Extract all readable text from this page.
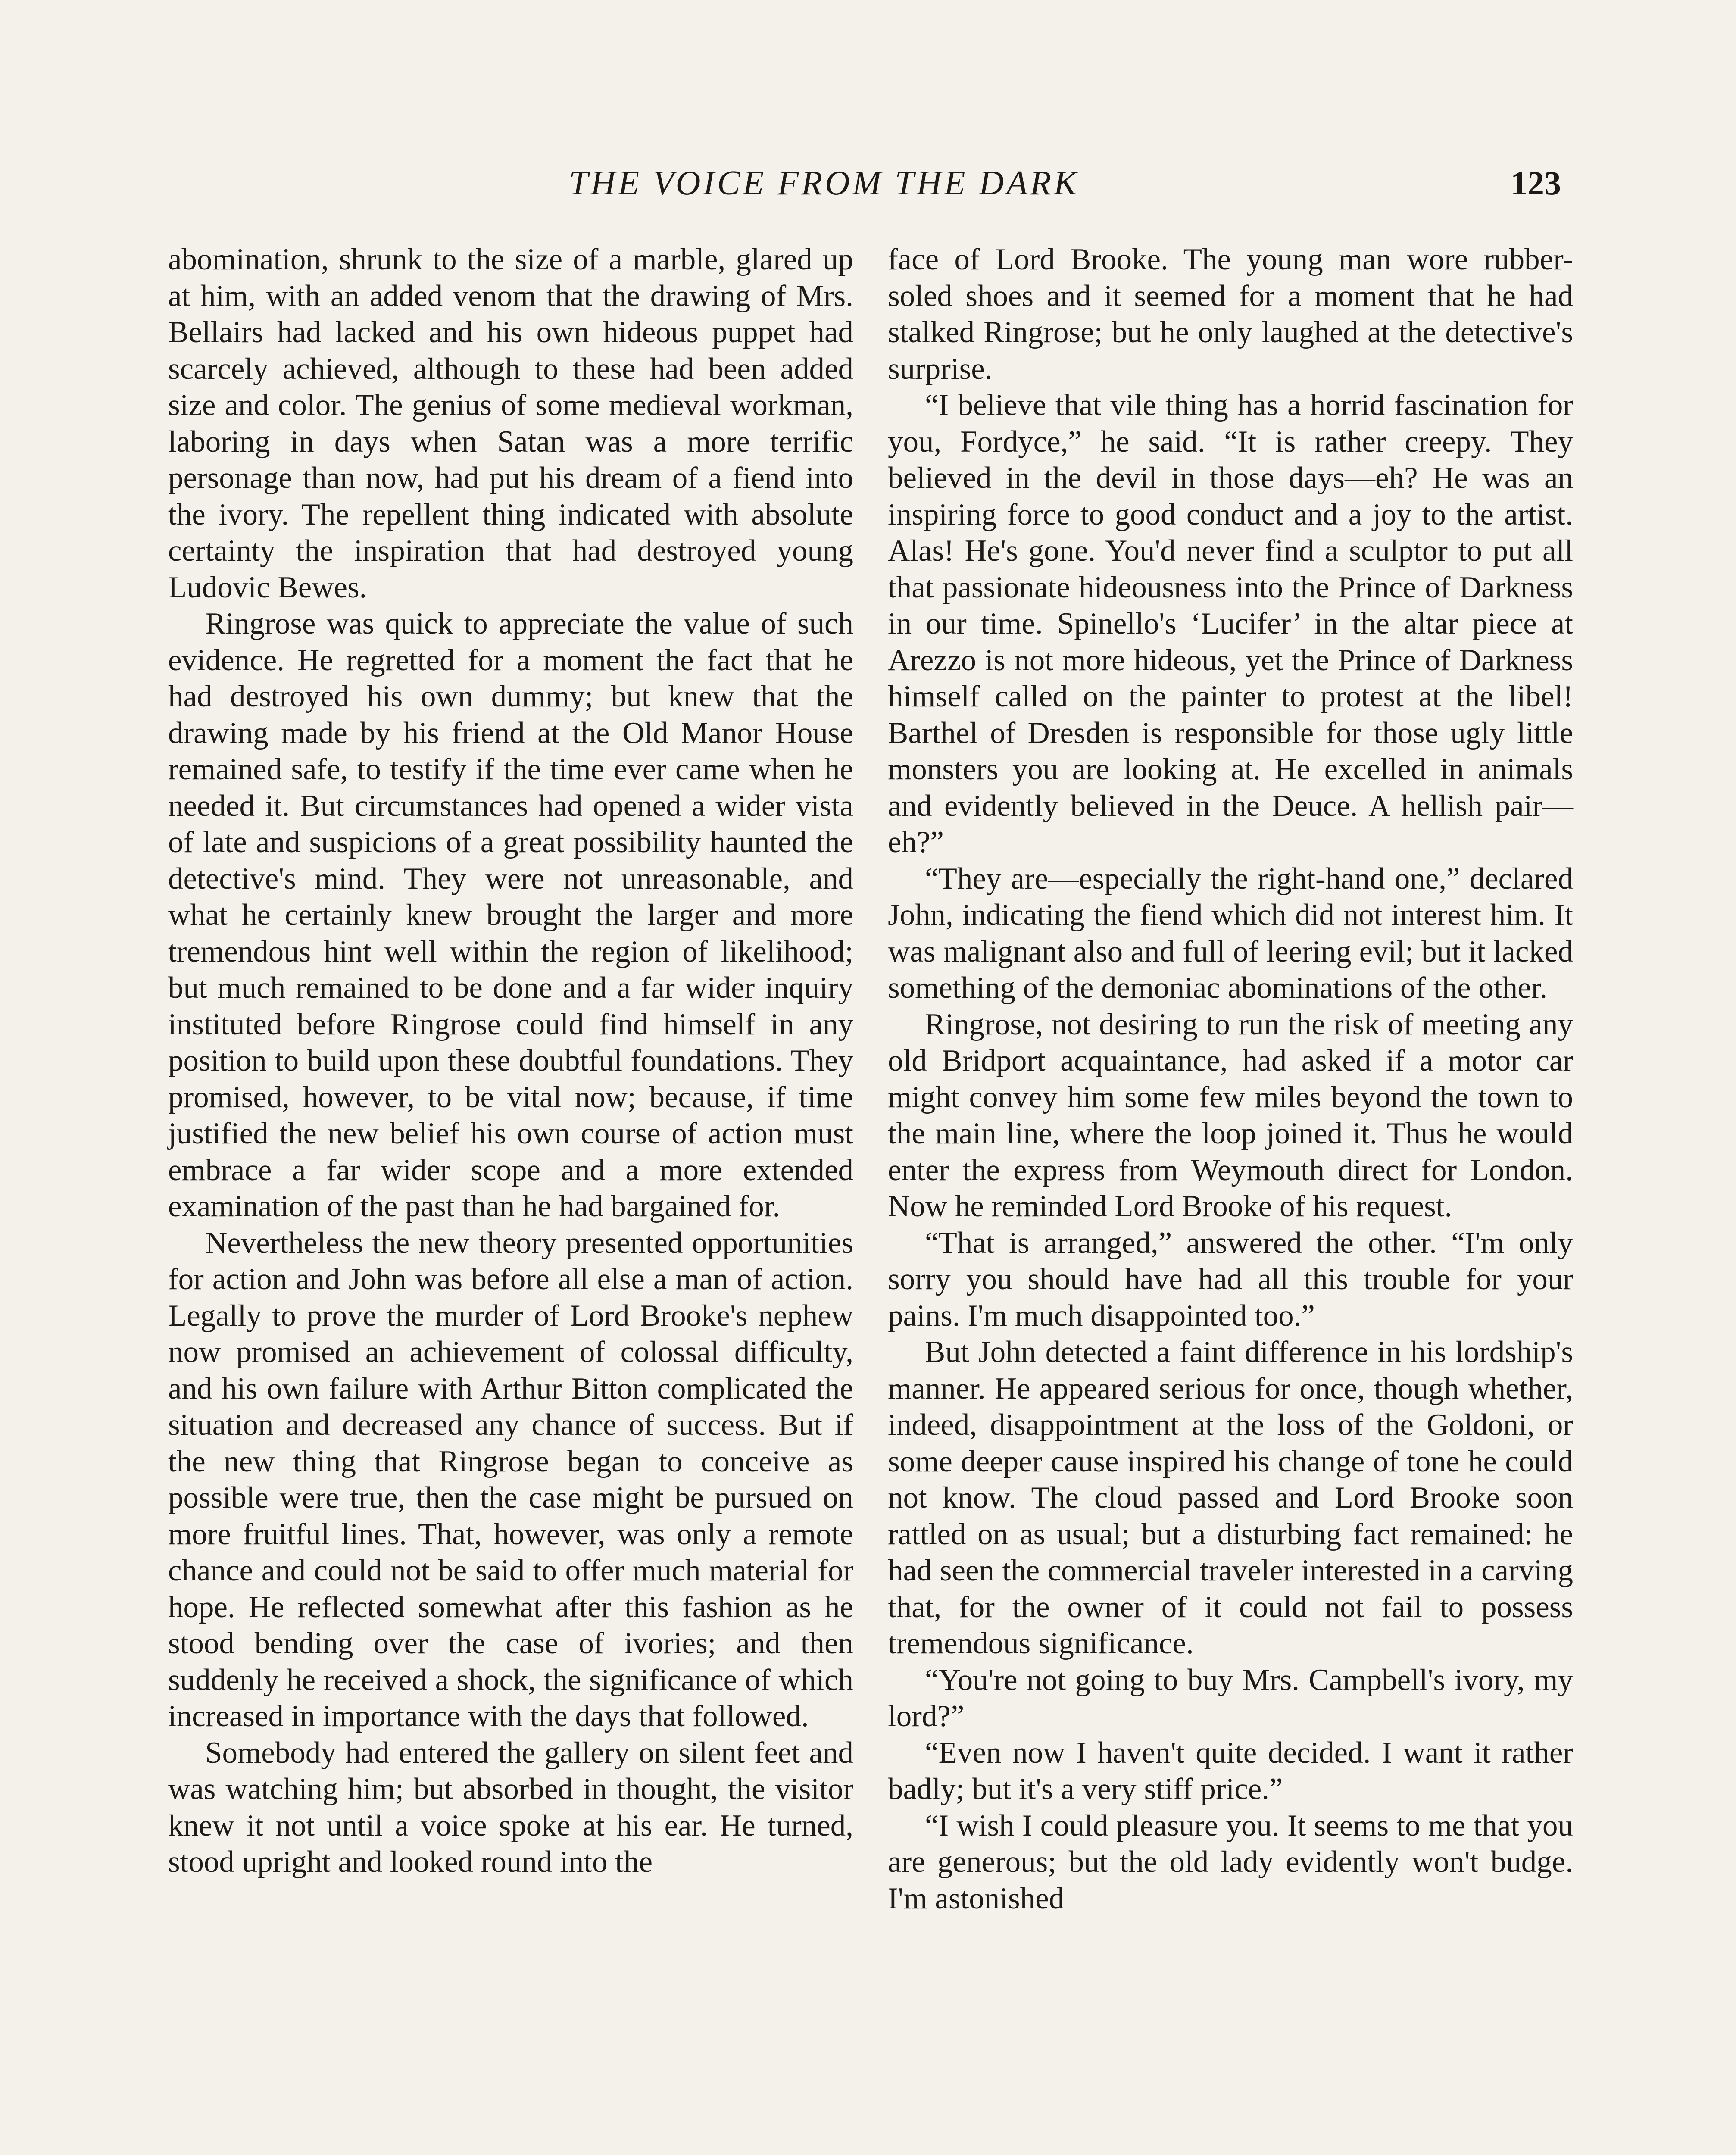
THE VOICE FROM THE DARK	123

abomination, shrunk to the size of a marble, glared up at him, with an added venom that the drawing of Mrs. Bellairs had lacked and his own hideous puppet had scarcely achieved, although to these had been added size and color. The genius of some medieval workman, laboring in days when Satan was a more terrific personage than now, had put his dream of a fiend into the ivory. The repellent thing indicated with absolute certainty the inspiration that had destroyed young Ludovic Bewes.

Ringrose was quick to appreciate the value of such evidence. He regretted for a moment the fact that he had destroyed his own dummy; but knew that the drawing made by his friend at the Old Manor House remained safe, to testify if the time ever came when he needed it. But circumstances had opened a wider vista of late and suspicions of a great possibility haunted the detective's mind. They were not unreasonable, and what he certainly knew brought the larger and more tremendous hint well within the region of likelihood; but much remained to be done and a far wider inquiry instituted before Ringrose could find himself in any position to build upon these doubtful foundations. They promised, however, to be vital now; because, if time justified the new belief his own course of action must embrace a far wider scope and a more extended examination of the past than he had bargained for.

Nevertheless the new theory presented opportunities for action and John was before all else a man of action. Legally to prove the murder of Lord Brooke's nephew now promised an achievement of colossal difficulty, and his own failure with Arthur Bitton complicated the situation and decreased any chance of success. But if the new thing that Ringrose began to conceive as possible were true, then the case might be pursued on more fruitful lines. That, however, was only a remote chance and could not be said to offer much material for hope. He reflected somewhat after this fashion as he stood bending over the case of ivories; and then suddenly he received a shock, the significance of which increased in importance with the days that followed.

Somebody had entered the gallery on silent feet and was watching him; but absorbed in thought, the visitor knew it not until a voice spoke at his ear. He turned, stood upright and looked round into the

face of Lord Brooke. The young man wore rubber-soled shoes and it seemed for a moment that he had stalked Ringrose; but he only laughed at the detective's surprise.

“I believe that vile thing has a horrid fascination for you, Fordyce,” he said. “It is rather creepy. They believed in the devil in those days—eh? He was an inspiring force to good conduct and a joy to the artist. Alas! He's gone. You'd never find a sculptor to put all that passionate hideousness into the Prince of Darkness in our time. Spinello's ‘Lucifer’ in the altar piece at Arezzo is not more hideous, yet the Prince of Darkness himself called on the painter to protest at the libel! Barthel of Dresden is responsible for those ugly little monsters you are looking at. He excelled in animals and evidently believed in the Deuce. A hellish pair—eh?”

“They are—especially the right-hand one,” declared John, indicating the fiend which did not interest him. It was malignant also and full of leering evil; but it lacked something of the demoniac abominations of the other.

Ringrose, not desiring to run the risk of meeting any old Bridport acquaintance, had asked if a motor car might convey him some few miles beyond the town to the main line, where the loop joined it. Thus he would enter the express from Weymouth direct for London. Now he reminded Lord Brooke of his request.

“That is arranged,” answered the other. “I'm only sorry you should have had all this trouble for your pains. I'm much disappointed too.”

But John detected a faint difference in his lordship's manner. He appeared serious for once, though whether, indeed, disappointment at the loss of the Goldoni, or some deeper cause inspired his change of tone he could not know. The cloud passed and Lord Brooke soon rattled on as usual; but a disturbing fact remained: he had seen the commercial traveler interested in a carving that, for the owner of it could not fail to possess tremendous significance.

“You're not going to buy Mrs. Campbell's ivory, my lord?”

“Even now I haven't quite decided. I want it rather badly; but it's a very stiff price.”

“I wish I could pleasure you. It seems to me that you are generous; but the old lady evidently won't budge. I'm astonished
